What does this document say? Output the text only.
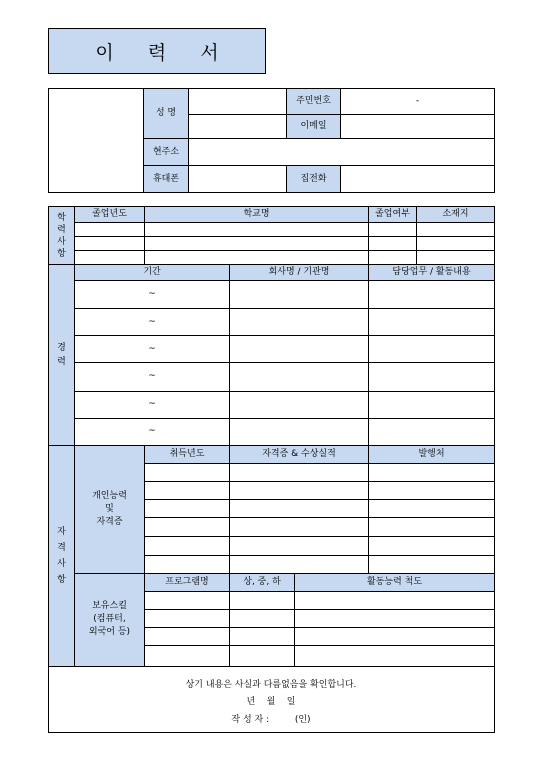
이 력 서
	성 명		주민번호	-
			이메일	
	현주소			
	휴대폰		집전화	
학력사항	졸업년도	학교명	졸업여부	소재지

경력	기간		회사명 / 기관명		담당업무 / 활동내용
	~				
	~				
	~				
	~				
	~				
	~				
자격사항	개인능력
및
자격증	취득년도	자격증 & 수상실적		발행처

	보유스킬
(컴퓨터,
외국어 등)	프로그램명	상, 중, 하	활동능력 척도	

상기 내용은 사실과 다름없음을 확인합니다.
년    월    일
작 성 자 :         (인)
